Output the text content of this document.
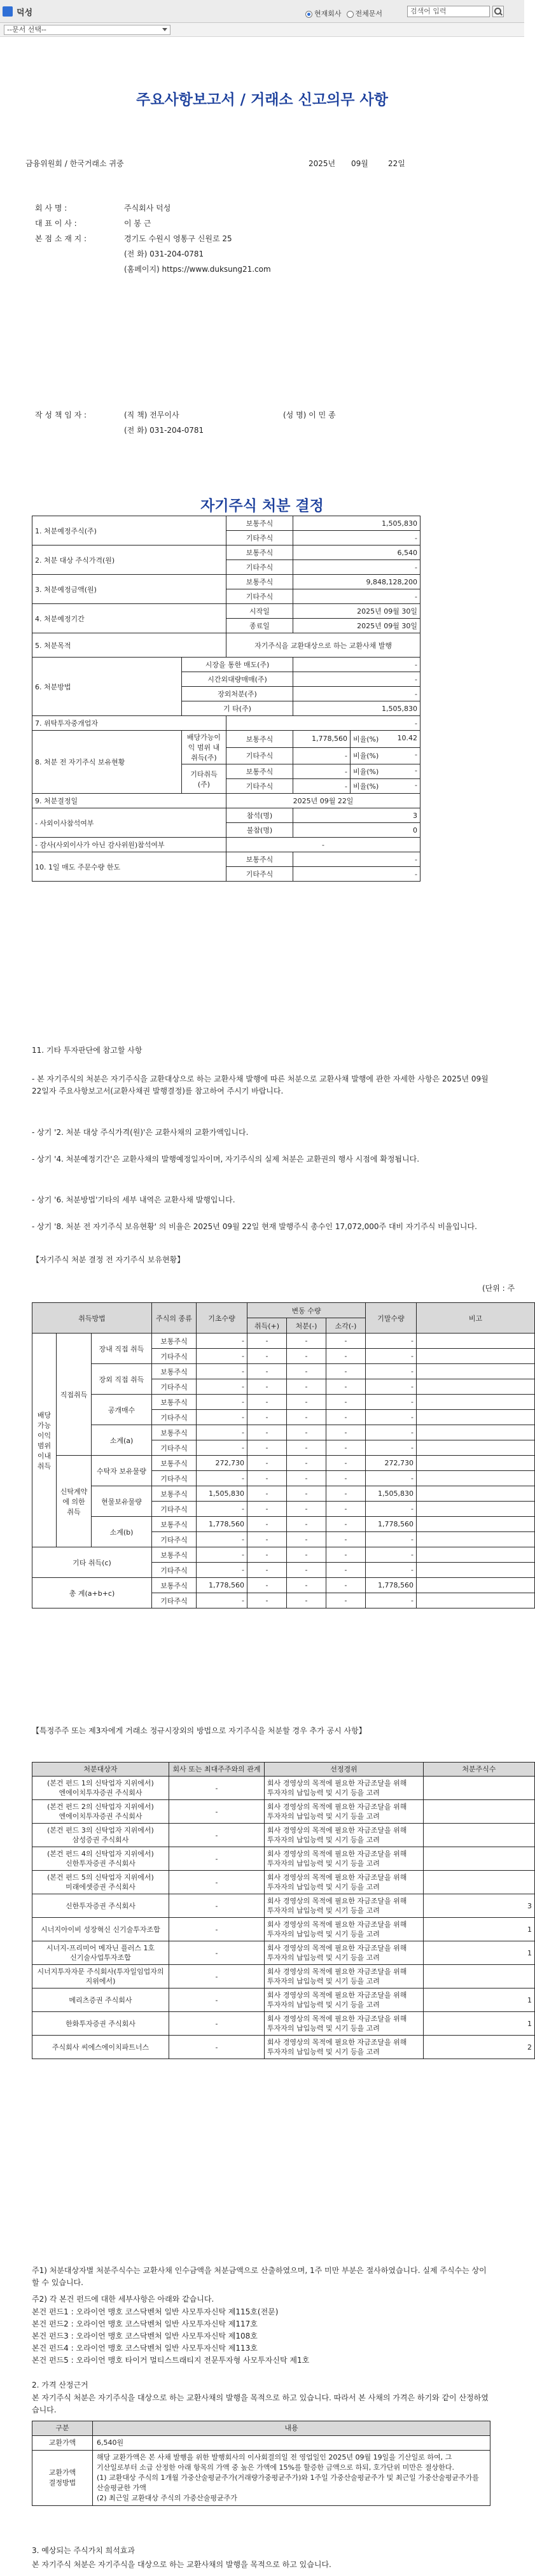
덕성	현재회사	전체문서	검색어 입력
--문서 선택--
주요사항보고서 / 거래소 신고의무 사항
금융위원회 / 한국거래소 귀중	2025년 09월	22일
회 사 명 :	주식회사 덕성
대 표 이 사 :	이 봉 근
본 점 소 재 지 :	경기도 수원시 영통구 신원로 25
(전 화) 031-204-0781
(홈페이지) https://www.duksung21.com
작 성 책 임 자 :	(직 책) 전무이사	(성 명) 이 민 종
(전 화) 031-204-0781
자기주식 처분 결정
1. 처분예정주식(주)		보통주식	1,505,830	
		기타주식	-	
2. 처분 대상 주식가격(원)		보통주식	6,540	
		기타주식	-	
3. 처분예정금액(원)		보통주식	9,848,128,200	
		기타주식	-	
4. 처분예정기간		시작일	2025년 09월 30일	
		종료일	2025년 09월 30일	
5. 처분목적		자기주식을 교환대상으로 하는 교환사채 발행		
6. 처분방법	시장을 통한 매도(주)		-	
	시간외대량매매(주)		-	
	장외처분(주)		-	
	기 타(주)		1,505,830	
7. 위탁투자중개업자		-		
8. 처분 전 자기주식 보유현황	배당가능이익 범위 내 취득(주)	보통주식	1,778,560	비율(%) 10.42

		기타주식	-	비율(%) -

	기타취득(주)	보통주식	-	비율(%) -

		기타주식	-	비율(%) -

9. 처분결정일		2025년 09월 22일		
- 사외이사참석여부		참석(명)	3	
		불참(명)	0	
- 감사(사외이사가 아닌 감사위원)참석여부		-		
10. 1일 매도 주문수량 한도		보통주식	-	
		기타주식	-	
11. 기타 투자판단에 참고할 사항
- 본 자기주식의 처분은 자기주식을 교환대상으로 하는 교환사채 발행에 따른 처분으로 교환사채 발행에 관한 자세한 사항은 2025년 09월 22일자 주요사항보고서(교환사채권 발행결정)를 참고하여 주시기 바랍니다.
- 상기 '2. 처분 대상 주식가격(원)'은 교환사채의 교환가액입니다.
- 상기 '4. 처분예정기간'은 교환사채의 발행예정일자이며, 자기주식의 실제 처분은 교환권의 행사 시점에 확정됩니다.
- 상기 '6. 처분방법'기타의 세부 내역은 교환사채 발행입니다.
- 상기 '8. 처분 전 자기주식 보유현황' 의 비율은 2025년 09월 22일 현재 발행주식 총수인 17,072,000주 대비 자기주식 비율입니다.
【자기주식 처분 결정 전 자기주식 보유현황】
(단위 : 주
취득방법			주식의 종류	기초수량	변동 수량			기말수량	비고
					취득(+)	처분(-)	소각(-)		
배당가능이익범위이내취득	직접취득	장내 직접 취득	보통주식	-	-	-	-	-	
			기타주식	-	-	-	-	-	
		장외 직접 취득	보통주식	-	-	-	-	-	
			기타주식	-	-	-	-	-	
		공개매수	보통주식	-	-	-	-	-	
			기타주식	-	-	-	-	-	
		소계(a)	보통주식	-	-	-	-	-	
			기타주식	-	-	-	-	-	
	신탁계약에 의한 취득	수탁자 보유물량	보통주식	272,730	-	-	-	272,730	
			기타주식	-	-	-	-	-	
		현물보유물량	보통주식	1,505,830	-	-	-	1,505,830	
			기타주식	-	-	-	-	-	
		소계(b)	보통주식	1,778,560	-	-	-	1,778,560	
			기타주식	-	-	-	-	-	
기타 취득(c)			보통주식	-	-	-	-	-	
			기타주식	-	-	-	-	-	
총 계(a+b+c)			보통주식	1,778,560	-	-	-	1,778,560	
			기타주식	-	-	-	-	-	
【특정주주 또는 제3자에게 거래소 정규시장외의 방법으로 자기주식을 처분할 경우 추가 공시 사항】
처분대상자	회사 또는 최대주주와의 관계	선정경위	처분주식수
(본건 펀드 1의 신탁업자 지위에서) 엔에이치투자증권 주식회사	-	회사 경영상의 목적에 필요한 자금조달을 위해 투자자의 납입능력 및 시기 등을 고려	
(본건 펀드 2의 신탁업자 지위에서) 엔에이치투자증권 주식회사	-	회사 경영상의 목적에 필요한 자금조달을 위해 투자자의 납입능력 및 시기 등을 고려	
(본건 펀드 3의 신탁업자 지위에서) 삼성증권 주식회사	-	회사 경영상의 목적에 필요한 자금조달을 위해 투자자의 납입능력 및 시기 등을 고려	
(본건 펀드 4의 신탁업자 지위에서) 신한투자증권 주식회사	-	회사 경영상의 목적에 필요한 자금조달을 위해 투자자의 납입능력 및 시기 등을 고려	
(본건 펀드 5의 신탁업자 지위에서) 미래에셋증권 주식회사	-	회사 경영상의 목적에 필요한 자금조달을 위해 투자자의 납입능력 및 시기 등을 고려	
신한투자증권 주식회사	-	회사 경영상의 목적에 필요한 자금조달을 위해 투자자의 납입능력 및 시기 등을 고려	3
시너지아이비 성장혁신 신기술투자조합	-	회사 경영상의 목적에 필요한 자금조달을 위해 투자자의 납입능력 및 시기 등을 고려	1
시너지-프리미어 메자닌 플러스 1호 신기술사업투자조합	-	회사 경영상의 목적에 필요한 자금조달을 위해 투자자의 납입능력 및 시기 등을 고려	1
시너지투자자문 주식회사(투자일임업자의 지위에서)	-	회사 경영상의 목적에 필요한 자금조달을 위해 투자자의 납입능력 및 시기 등을 고려	
메리츠증권 주식회사	-	회사 경영상의 목적에 필요한 자금조달을 위해 투자자의 납입능력 및 시기 등을 고려	1
한화투자증권 주식회사	-	회사 경영상의 목적에 필요한 자금조달을 위해 투자자의 납입능력 및 시기 등을 고려	1
주식회사 씨에스에이치파트너스	-	회사 경영상의 목적에 필요한 자금조달을 위해 투자자의 납입능력 및 시기 등을 고려	2
주1) 처분대상자별 처분주식수는 교환사채 인수금액을 처분금액으로 산출하였으며, 1주 미만 부분은 절사하였습니다. 실제 주식수는 상이할 수 있습니다.
주2) 각 본건 펀드에 대한 세부사항은 아래와 같습니다.
본건 펀드1 : 오라이언 맹호 코스닥벤처 일반 사모투자신탁 제115호(전문)
본건 펀드2 : 오라이언 맹호 코스닥벤처 일반 사모투자신탁 제117호
본건 펀드3 : 오라이언 맹호 코스닥벤처 일반 사모투자신탁 제108호
본건 펀드4 : 오라이언 맹호 코스닥벤처 일반 사모투자신탁 제113호
본건 펀드5 : 오라이언 맹호 타이거 멀티스트래티지 전문투자형 사모투자신탁 제1호
2. 가격 산정근거
본 자기주식 처분은 자기주식을 대상으로 하는 교환사채의 발행을 목적으로 하고 있습니다. 따라서 본 사채의 가격은 하기와 같이 산정하였습니다.
구분	내용
교환가액	6,540원
교환가액 결정방법	해당 교환가액은 본 사채 발행을 위한 발행회사의 이사회결의일 전 영업일인 2025년 09월 19일을 기산일로 하여, 그 기산일로부터 소급 산정한 아래 항목의 가액 중 높은 가액에 15%를 할증한 금액으로 하되, 호가단위 미만은 절상한다.
(1) 교환대상 주식의 1개월 가중산술평균주가(거래량가중평균주가)와 1주일 가중산술평균주가 및 최근일 가중산술평균주가를 산술평균한 가액
(2) 최근일 교환대상 주식의 가중산술평균주가
3. 예상되는 주식가치 희석효과
본 자기주식 처분은 자기주식을 대상으로 하는 교환사채의 발행을 목적으로 하고 있습니다.
